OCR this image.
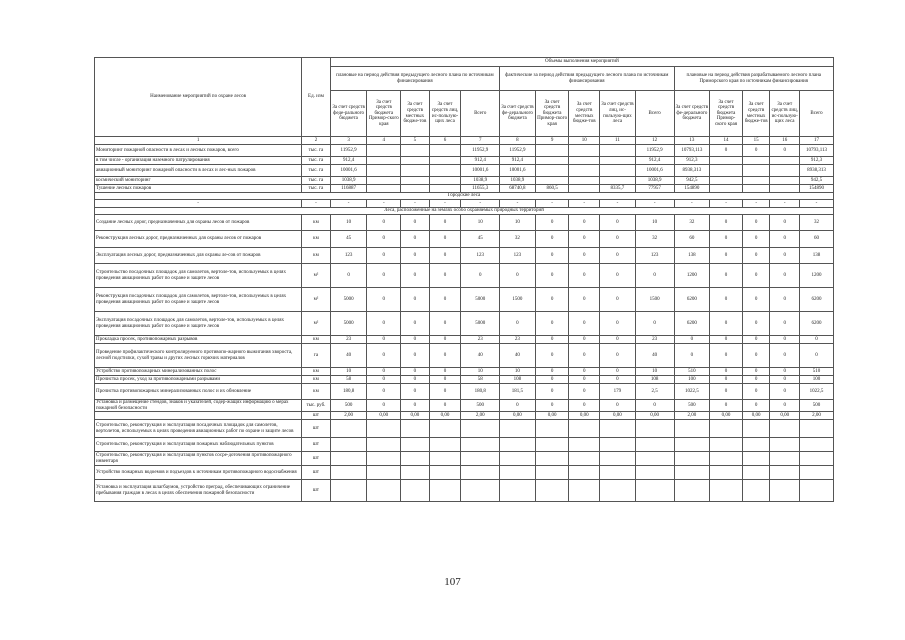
Наименование мероприятий по охране лесов	Ед. изм	Объемы выполнения мероприятий														
		плановые на период действия предыдущего лесного плана по источникам финансирования					фактические за период действия предыдущего лесного плана по источникам финансирования					плановые на период действия разрабатываемого лесного плана Приморского края по источникам финансирования				
		За счет средств феде-рального бюджета	За счет средств бюджета Примор-ского края	За счет средств местных бюдже-тов	За счет средств лиц, ис-пользую-щих леса	Всего	За счет средств фе-дерального бюджета	За счет средств бюджета Примор-ского края	За счет средств местных бюдже-тов	За счет средств лиц, ис-пользую-щих леса	Всего	За счет средств фе-дерального бюджета	За счет средств бюджета Примор-ского края	За счет средств местных бюдже-тов	За счет средств лиц, ис-пользую-щих леса	Всего
1	2	3	4	5	6	7	8	9	10	11	12	13	14	15	16	17
Мониторинг пожарной опасности в лесах и лесных пожаров, всего	тыс. га	11952,9				11952,9	11952,9				11952,9	10793,113	0	0	0	10793,113
в том числе - организация наземного патрулирования	тыс. га	912,4				912,4	912,4				912,4	912,3				912,3
авиационный мониторинг пожарной опасности в лесах и лес-ных пожаров	тыс. га	10001,6				10001,6	10001,6				10001,6	8938,313				8938,313
космический мониторинг	тыс. га	1038,9				1038,9	1038,9				1038,9	942,5				942,5
Тушение лесных пожаров	тыс. га	116887				11655,3	68740,8	860,5		8335,7	77957	154890				154890
Городские леса																
-	-	-	-	-	-	-	-	-	-	-	-	-	-	-	-	-
Леса, расположенные на землях особо охраняемых природных территорий																
Создание лесных дорог, предназначенных для охраны лесов от пожаров	км	10	0	0	0	10	10	0	0	0	10	32	0	0	0	32
Реконструкция лесных дорог, предназначенных для охраны лесов от пожаров	км	45	0	0	0	45	32	0	0	0	32	60	0	0	0	60
Эксплуатация лесных дорог, предназначенных для охраны ле-сов от пожаров	км	123	0	0	0	123	123	0	0	0	123	138	0	0	0	138
Строительство посадочных площадок для самолетов, вертоле-тов, используемых в целях проведения авиационных работ по охране и защите лесов	м²	0	0	0	0	0	0	0	0	0	0	1200	0	0	0	1200
Реконструкция посадочных площадок для самолетов, вертоле-тов, используемых в целях проведения авиационных работ по охране и защите лесов	м²	5000	0	0	0	5000	1500	0	0	0	1500	6200	0	0	0	6200
Эксплуатация посадочных площадок для самолетов, вертоле-тов, используемых в целях проведения авиационных работ по охране и защите лесов	м²	5000	0	0	0	5000	0	0	0	0	0	6200	0	0	0	6200
Прокладка просек, противопожарных разрывов	км	23	0	0	0	23	23	0	0	0	23	0	0	0	0	0
Проведение профилактического контролируемого противопо-жарного выжигания хвороста, лесной подстилки, сухой травы и других лесных горючих материалов	га	40	0	0	0	40	40	0	0	0	40	0	0	0	0	0
Устройство противопожарных минерализованных полос	км	10	0	0	0	10	10	0	0	0	10	510	0	0	0	510
Прочистка просек, уход за противопожарными разрывами	км	58	0	0	0	58	108	0	0	0	108	100	0	0	0	100
Прочистка противопожарных минерализованных полос и их обновление	км	180,8	0	0	0	180,8	181,5	0	0	179	2,5	1022,5	0	0	0	1022,5
Установка и размещение стендов, знаков и указателей, содер-жащих информацию о мерах пожарной безопасности	тыс. руб.	500	0	0	0	500	0	0	0	0	0	500	0	0	0	500
	шт	2,00	0,00	0,00	0,00	2,00	0,00	0,00	0,00	0,00	0,00	2,00	0,00	0,00	0,00	2,00
Строительство, реконструкция и эксплуатация посадочных площадок для самолетов, вертолетов, используемых в целях проведения авиационных работ по охране и защите лесов	шт															
Строительство, реконструкция и эксплуатация пожарных наблюдательных пунктов	шт															
Строительство, реконструкция и эксплуатация пунктов сосре-доточения противопожарного инвентаря	шт															
Устройство пожарных водоемов и подъездов к источникам противопожарного водоснабжения	шт															
Установка и эксплуатация шлагбаумов, устройство преград, обеспечивающих ограничение пребывания граждан в лесах в целях обеспечения пожарной безопасности	шт															
107
